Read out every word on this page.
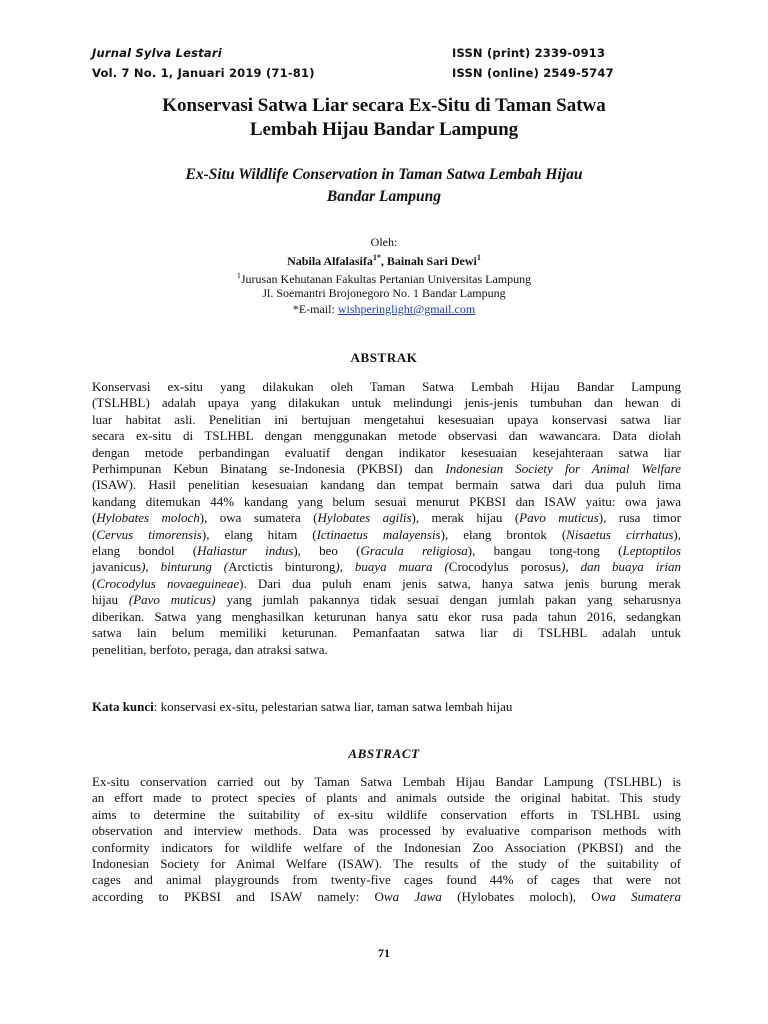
Jurnal Sylva Lestari
Vol. 7 No. 1, Januari 2019 (71-81)
ISSN (print) 2339-0913
ISSN (online) 2549-5747
Konservasi Satwa Liar secara Ex-Situ di Taman Satwa
Lembah Hijau Bandar Lampung
Ex-Situ Wildlife Conservation in Taman Satwa Lembah Hijau
Bandar Lampung
Oleh:
Nabila Alfalasifa$^{1*}$, Bainah Sari Dewi$^1$
$^1$Jurusan Kehutanan Fakultas Pertanian Universitas Lampung
Jl. Soemantri Brojonegoro No. 1 Bandar Lampung
*E-mail: wishperinglight@gmail.com
ABSTRAK
Konservasi ex-situ yang dilakukan oleh Taman Satwa Lembah Hijau Bandar Lampung
(TSLHBL) adalah upaya yang dilakukan untuk melindungi jenis-jenis tumbuhan dan hewan di
luar habitat asli. Penelitian ini bertujuan mengetahui kesesuaian upaya konservasi satwa liar
secara ex-situ di TSLHBL dengan menggunakan metode observasi dan wawancara. Data diolah
dengan metode perbandingan evaluatif dengan indikator kesesuaian kesejahteraan satwa liar
Perhimpunan Kebun Binatang se-Indonesia (PKBSI) dan Indonesian Society for Animal Welfare
(ISAW). Hasil penelitian kesesuaian kandang dan tempat bermain satwa dari dua puluh lima
kandang ditemukan 44% kandang yang belum sesuai menurut PKBSI dan ISAW yaitu: owa jawa
(Hylobates moloch), owa sumatera (Hylobates agilis), merak hijau (Pavo muticus), rusa timor
(Cervus timorensis), elang hitam (Ictinaetus malayensis), elang brontok (Nisaetus cirrhatus),
elang bondol (Haliastur indus), beo (Gracula religiosa), bangau tong-tong (Leptoptilos
javanicus), binturung (Arctictis binturong), buaya muara (Crocodylus porosus), dan buaya irian
(Crocodylus novaeguineae). Dari dua puluh enam jenis satwa, hanya satwa jenis burung merak
hijau (Pavo muticus) yang jumlah pakannya tidak sesuai dengan jumlah pakan yang seharusnya
diberikan. Satwa yang menghasilkan keturunan hanya satu ekor rusa pada tahun 2016, sedangkan
satwa lain belum memiliki keturunan. Pemanfaatan satwa liar di TSLHBL adalah untuk
penelitian, berfoto, peraga, dan atraksi satwa.
Kata kunci: konservasi ex-situ, pelestarian satwa liar, taman satwa lembah hijau
ABSTRACT
Ex-situ conservation carried out by Taman Satwa Lembah Hijau Bandar Lampung (TSLHBL) is
an effort made to protect species of plants and animals outside the original habitat. This study
aims to determine the suitability of ex-situ wildlife conservation efforts in TSLHBL using
observation and interview methods. Data was processed by evaluative comparison methods with
conformity indicators for wildlife welfare of the Indonesian Zoo Association (PKBSI) and the
Indonesian Society for Animal Welfare (ISAW). The results of the study of the suitability of
cages and animal playgrounds from twenty-five cages found 44% of cages that were not
according to PKBSI and ISAW namely: Owa Jawa (Hylobates moloch), Owa Sumatera
71
